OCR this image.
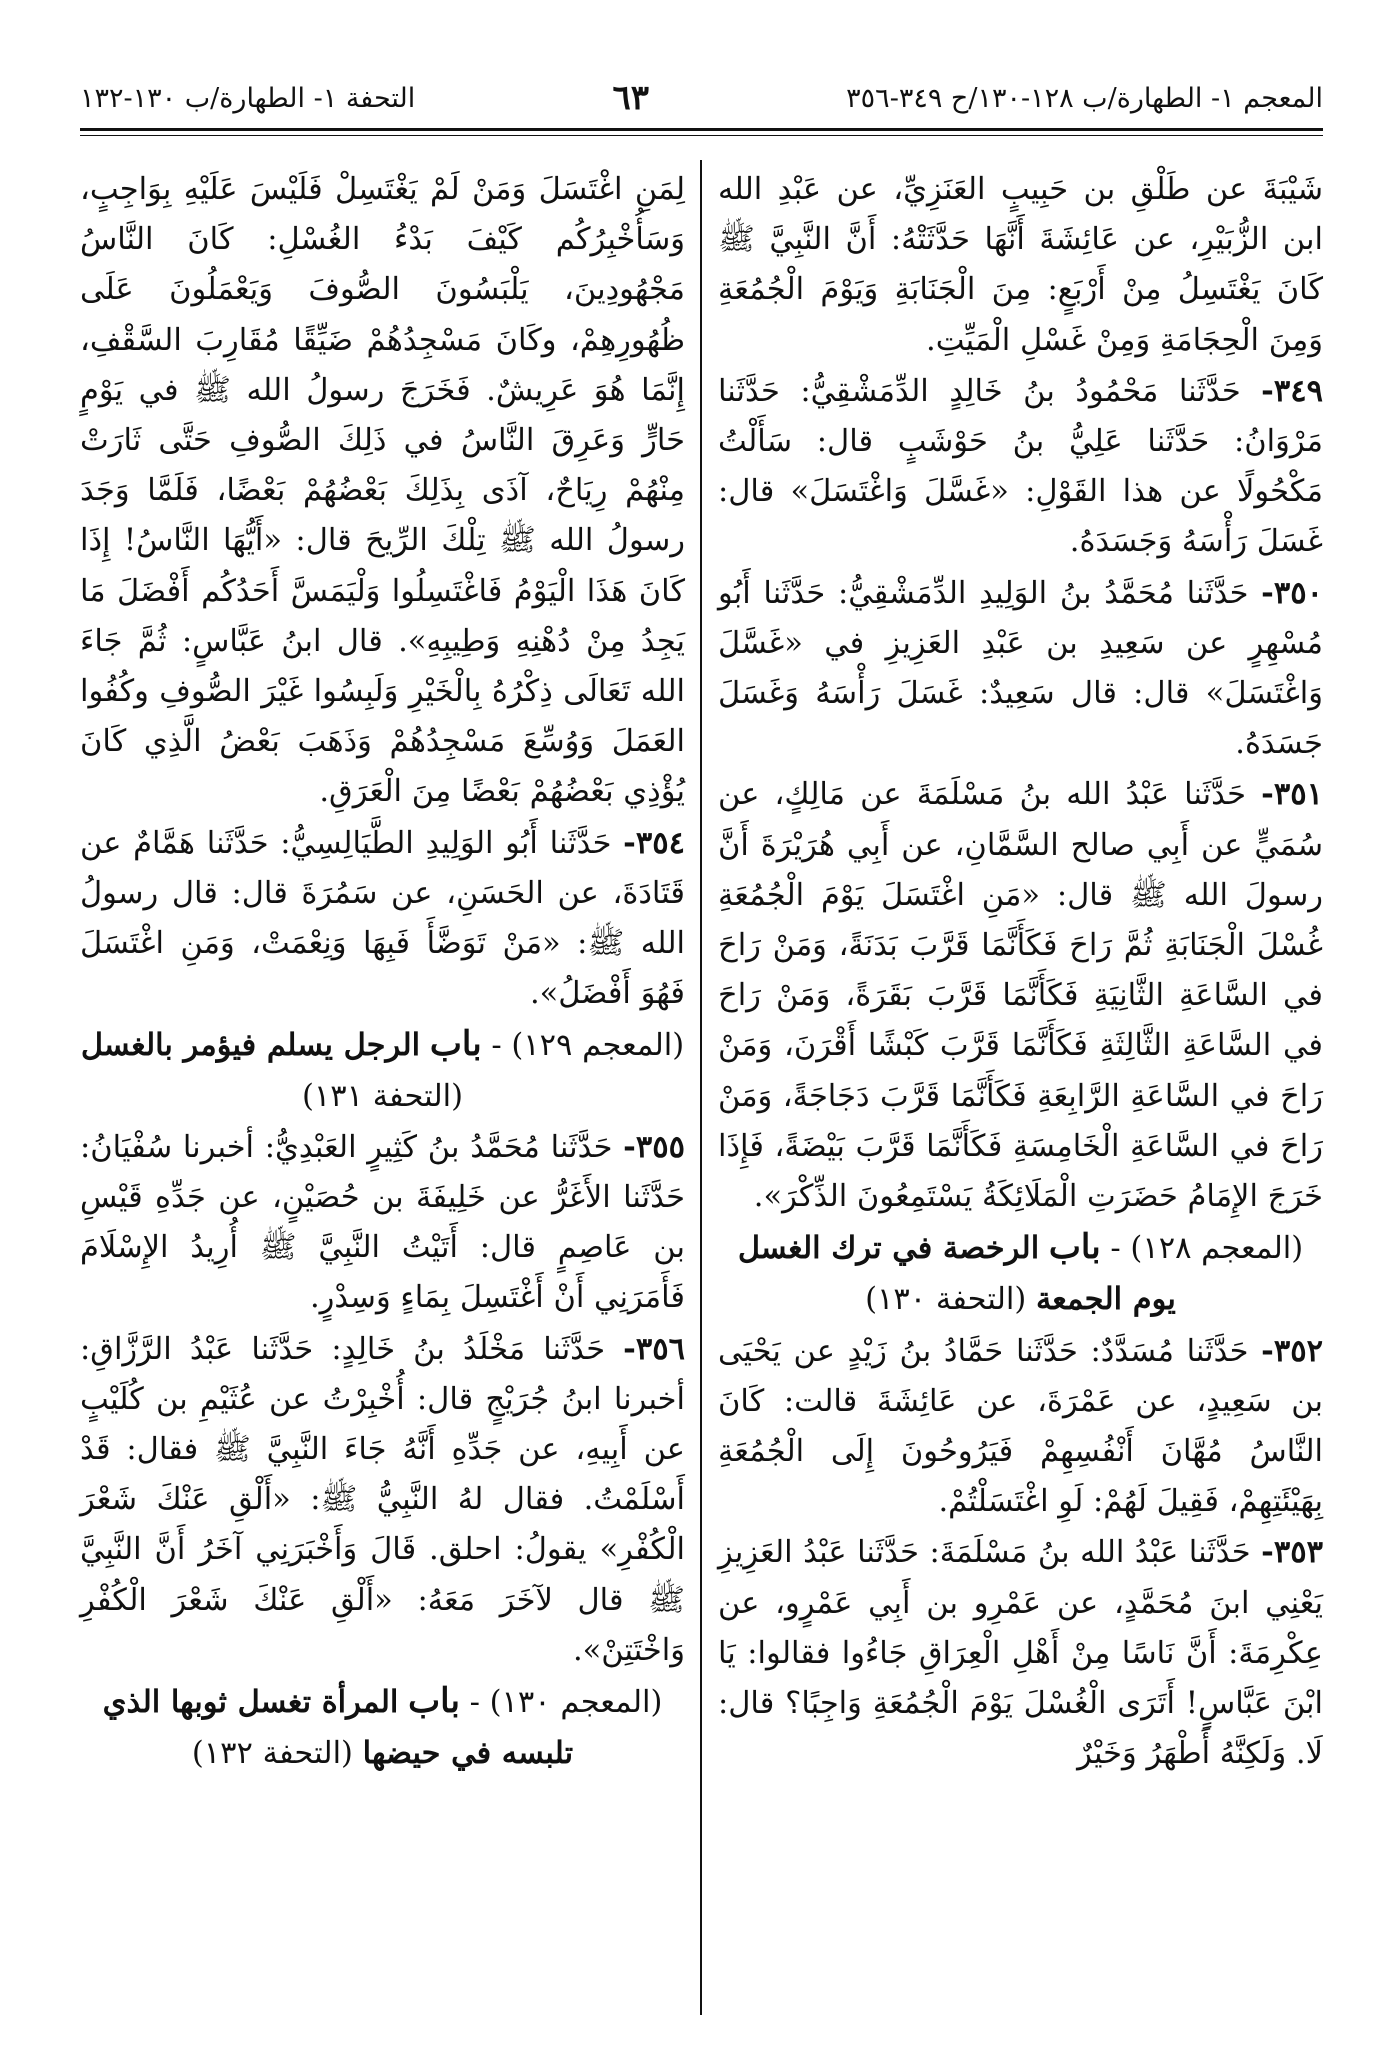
المعجم ١- الطهارة/ب ١٢٨-١٣٠/ح ٣٤٩-٣٥٦
٦٣
التحفة ١- الطهارة/ب ١٣٠-١٣٢

شَيْبَةَ عن طَلْقِ بن حَبِيبٍ العَنَزِيِّ، عن عَبْدِ الله ابن الزُّبَيْرِ، عن عَائِشَةَ أَنَّهَا حَدَّثَتْهُ: أَنَّ النَّبِيَّ ﷺ كَانَ يَغْتَسِلُ مِنْ أَرْبَعٍ: مِنَ الْجَنَابَةِ وَيَوْمَ الْجُمُعَةِ وَمِنَ الْحِجَامَةِ وَمِنْ غَسْلِ الْمَيِّتِ.

٣٤٩- حَدَّثَنا مَحْمُودُ بنُ خَالِدٍ الدِّمَشْقِيُّ: حَدَّثَنا مَرْوَانُ: حَدَّثَنا عَلِيُّ بنُ حَوْشَبٍ قال: سَأَلْتُ مَكْحُولًا عن هذا القَوْلِ: «غَسَّلَ وَاغْتَسَلَ» قال: غَسَلَ رَأْسَهُ وَجَسَدَهُ.

٣٥٠- حَدَّثَنا مُحَمَّدُ بنُ الوَلِيدِ الدِّمَشْقِيُّ: حَدَّثَنا أَبُو مُسْهِرٍ عن سَعِيدِ بن عَبْدِ العَزِيزِ في «غَسَّلَ وَاغْتَسَلَ» قال: قال سَعِيدٌ: غَسَلَ رَأْسَهُ وَغَسَلَ جَسَدَهُ.

٣٥١- حَدَّثَنا عَبْدُ الله بنُ مَسْلَمَةَ عن مَالِكٍ، عن سُمَيٍّ عن أَبِي صالح السَّمَّانِ، عن أَبِي هُرَيْرَةَ أَنَّ رسولَ الله ﷺ قال: «مَنِ اغْتَسَلَ يَوْمَ الْجُمُعَةِ غُسْلَ الْجَنَابَةِ ثُمَّ رَاحَ فَكَأَنَّمَا قَرَّبَ بَدَنَةً، وَمَنْ رَاحَ في السَّاعَةِ الثَّانِيَةِ فَكَأَنَّمَا قَرَّبَ بَقَرَةً، وَمَنْ رَاحَ في السَّاعَةِ الثَّالِثَةِ فَكَأَنَّمَا قَرَّبَ كَبْشًا أَقْرَنَ، وَمَنْ رَاحَ في السَّاعَةِ الرَّابِعَةِ فَكَأَنَّمَا قَرَّبَ دَجَاجَةً، وَمَنْ رَاحَ في السَّاعَةِ الْخَامِسَةِ فَكَأَنَّمَا قَرَّبَ بَيْضَةً، فَإِذَا خَرَجَ الإِمَامُ حَضَرَتِ الْمَلَائِكَةُ يَسْتَمِعُونَ الذِّكْرَ».

(المعجم ١٢٨) - باب الرخصة في ترك الغسل يوم الجمعة (التحفة ١٣٠)

٣٥٢- حَدَّثَنا مُسَدَّدٌ: حَدَّثَنا حَمَّادُ بنُ زَيْدٍ عن يَحْيَى بن سَعِيدٍ، عن عَمْرَةَ، عن عَائِشَةَ قالت: كَانَ النَّاسُ مُهَّانَ أَنْفُسِهِمْ فَيَرُوحُونَ إِلَى الْجُمُعَةِ بِهَيْئَتِهِمْ، فَقِيلَ لَهُمْ: لَوِ اغْتَسَلْتُمْ.

٣٥٣- حَدَّثَنا عَبْدُ الله بنُ مَسْلَمَةَ: حَدَّثَنا عَبْدُ العَزِيزِ يَعْنِي ابنَ مُحَمَّدٍ، عن عَمْرِو بن أَبِي عَمْرٍو، عن عِكْرِمَةَ: أَنَّ نَاسًا مِنْ أَهْلِ الْعِرَاقِ جَاءُوا فقالوا: يَا ابْنَ عَبَّاسٍ! أَتَرَى الْغُسْلَ يَوْمَ الْجُمُعَةِ وَاجِبًا؟ قال: لَا. وَلَكِنَّهُ أَطْهَرُ وَخَيْرٌ

لِمَنِ اغْتَسَلَ وَمَنْ لَمْ يَغْتَسِلْ فَلَيْسَ عَلَيْهِ بِوَاجِبٍ، وَسَأُخْبِرُكُم كَيْفَ بَدْءُ الغُسْلِ: كَانَ النَّاسُ مَجْهُودِينَ، يَلْبَسُونَ الصُّوفَ وَيَعْمَلُونَ عَلَى ظُهُورِهِمْ، وكَانَ مَسْجِدُهُمْ ضَيِّقًا مُقَارِبَ السَّقْفِ، إِنَّمَا هُوَ عَرِيشٌ. فَخَرَجَ رسولُ الله ﷺ في يَوْمٍ حَارٍّ وَعَرِقَ النَّاسُ في ذَلِكَ الصُّوفِ حَتَّى ثَارَتْ مِنْهُمْ رِيَاحٌ، آذَى بِذَلِكَ بَعْضُهُمْ بَعْضًا، فَلَمَّا وَجَدَ رسولُ الله ﷺ تِلْكَ الرِّيحَ قال: «أَيُّهَا النَّاسُ! إِذَا كَانَ هَذَا الْيَوْمُ فَاغْتَسِلُوا وَلْيَمَسَّ أَحَدُكُم أَفْضَلَ مَا يَجِدُ مِنْ دُهْنِهِ وَطِيبِهِ». قال ابنُ عَبَّاسٍ: ثُمَّ جَاءَ الله تَعَالَى ذِكْرُهُ بِالْخَيْرِ وَلَبِسُوا غَيْرَ الصُّوفِ وكُفُوا العَمَلَ وَوُسِّعَ مَسْجِدُهُمْ وَذَهَبَ بَعْضُ الَّذِي كَانَ يُؤْذِي بَعْضُهُمْ بَعْضًا مِنَ الْعَرَقِ.

٣٥٤- حَدَّثَنا أَبُو الوَلِيدِ الطَّيَالِسِيُّ: حَدَّثَنا هَمَّامٌ عن قَتَادَةَ، عن الحَسَنِ، عن سَمُرَةَ قال: قال رسولُ الله ﷺ: «مَنْ تَوَضَّأَ فَبِهَا وَنِعْمَتْ، وَمَنِ اغْتَسَلَ فَهُوَ أَفْضَلُ».

(المعجم ١٢٩) - باب الرجل يسلم فيؤمر بالغسل (التحفة ١٣١)

٣٥٥- حَدَّثَنا مُحَمَّدُ بنُ كَثِيرٍ العَبْدِيُّ: أخبرنا سُفْيَانُ: حَدَّثَنا الأَغَرُّ عن خَلِيفَةَ بن حُصَيْنٍ، عن جَدِّهِ قَيْسِ بن عَاصِمٍ قال: أَتَيْتُ النَّبِيَّ ﷺ أُرِيدُ الإِسْلَامَ فَأَمَرَنِي أَنْ أَغْتَسِلَ بِمَاءٍ وَسِدْرٍ.

٣٥٦- حَدَّثَنا مَخْلَدُ بنُ خَالِدٍ: حَدَّثَنا عَبْدُ الرَّزَّاقِ: أخبرنا ابنُ جُرَيْجٍ قال: أُخْبِرْتُ عن عُثَيْمِ بن كُلَيْبٍ عن أَبِيهِ، عن جَدِّهِ أَنَّهُ جَاءَ النَّبِيَّ ﷺ فقال: قَدْ أَسْلَمْتُ. فقال لهُ النَّبِيُّ ﷺ: «أَلْقِ عَنْكَ شَعْرَ الْكُفْرِ» يقولُ: احلق. قَالَ وَأَخْبَرَنِي آخَرُ أَنَّ النَّبِيَّ ﷺ قال لآخَرَ مَعَهُ: «أَلْقِ عَنْكَ شَعْرَ الْكُفْرِ وَاخْتَتِنْ».

(المعجم ١٣٠) - باب المرأة تغسل ثوبها الذي تلبسه في حيضها (التحفة ١٣٢)
